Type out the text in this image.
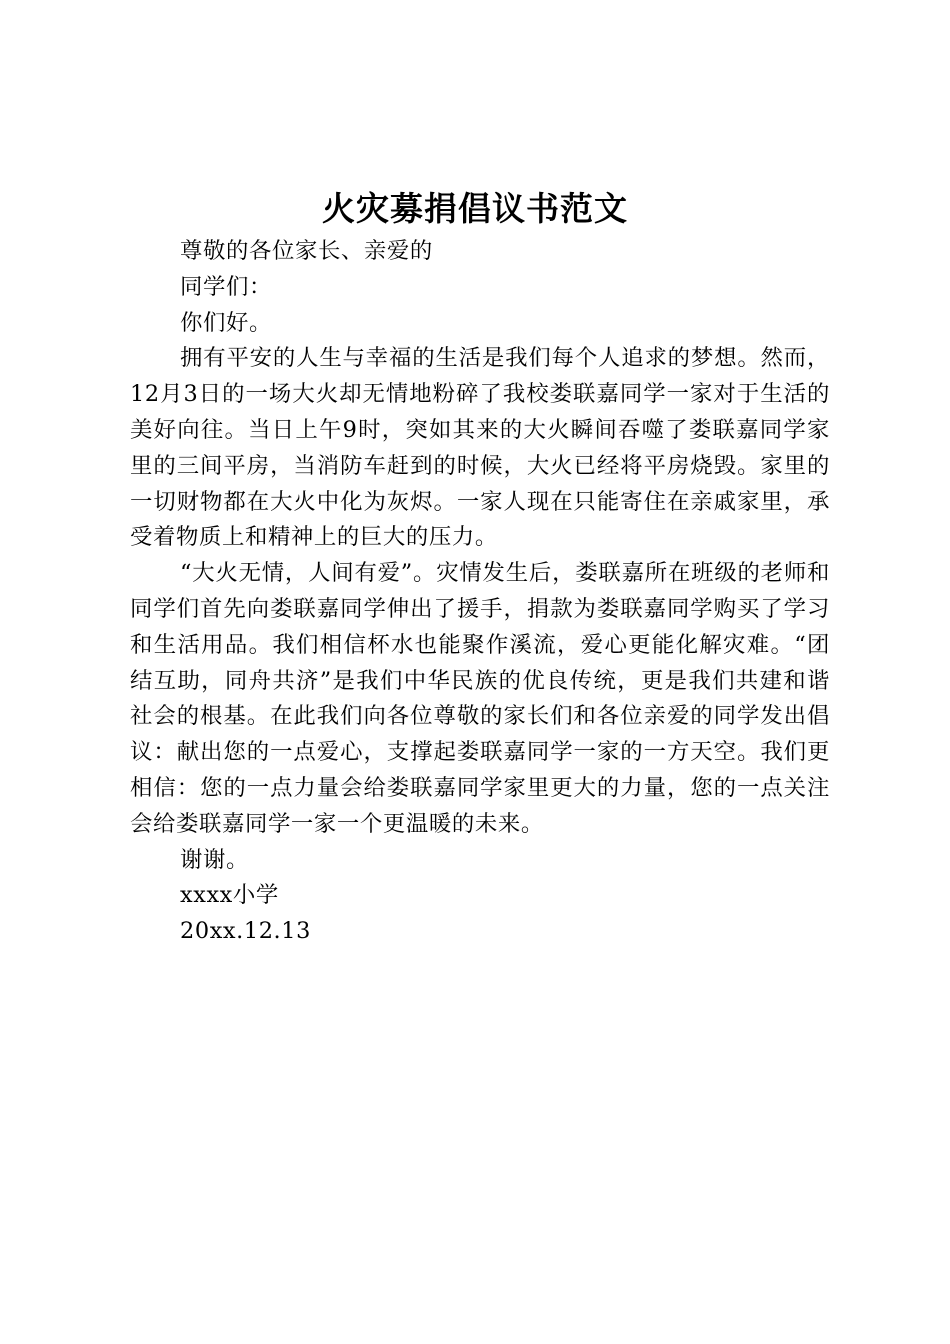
火灾募捐倡议书范文

尊敬的各位家长、亲爱的

同学们：

你们好。

拥有平安的人生与幸福的生活是我们每个人追求的梦想。然而，12月3日的一场大火却无情地粉碎了我校娄联嘉同学一家对于生活的美好向往。当日上午9时，突如其来的大火瞬间吞噬了娄联嘉同学家里的三间平房，当消防车赶到的时候，大火已经将平房烧毁。家里的一切财物都在大火中化为灰烬。一家人现在只能寄住在亲戚家里，承受着物质上和精神上的巨大的压力。

“大火无情，人间有爱”。灾情发生后，娄联嘉所在班级的老师和同学们首先向娄联嘉同学伸出了援手，捐款为娄联嘉同学购买了学习和生活用品。我们相信杯水也能聚作溪流，爱心更能化解灾难。“团结互助，同舟共济”是我们中华民族的优良传统，更是我们共建和谐社会的根基。在此我们向各位尊敬的家长们和各位亲爱的同学发出倡议：献出您的一点爱心，支撑起娄联嘉同学一家的一方天空。我们更相信：您的一点力量会给娄联嘉同学家里更大的力量，您的一点关注会给娄联嘉同学一家一个更温暖的未来。

谢谢。

xxxx小学

20xx.12.13
